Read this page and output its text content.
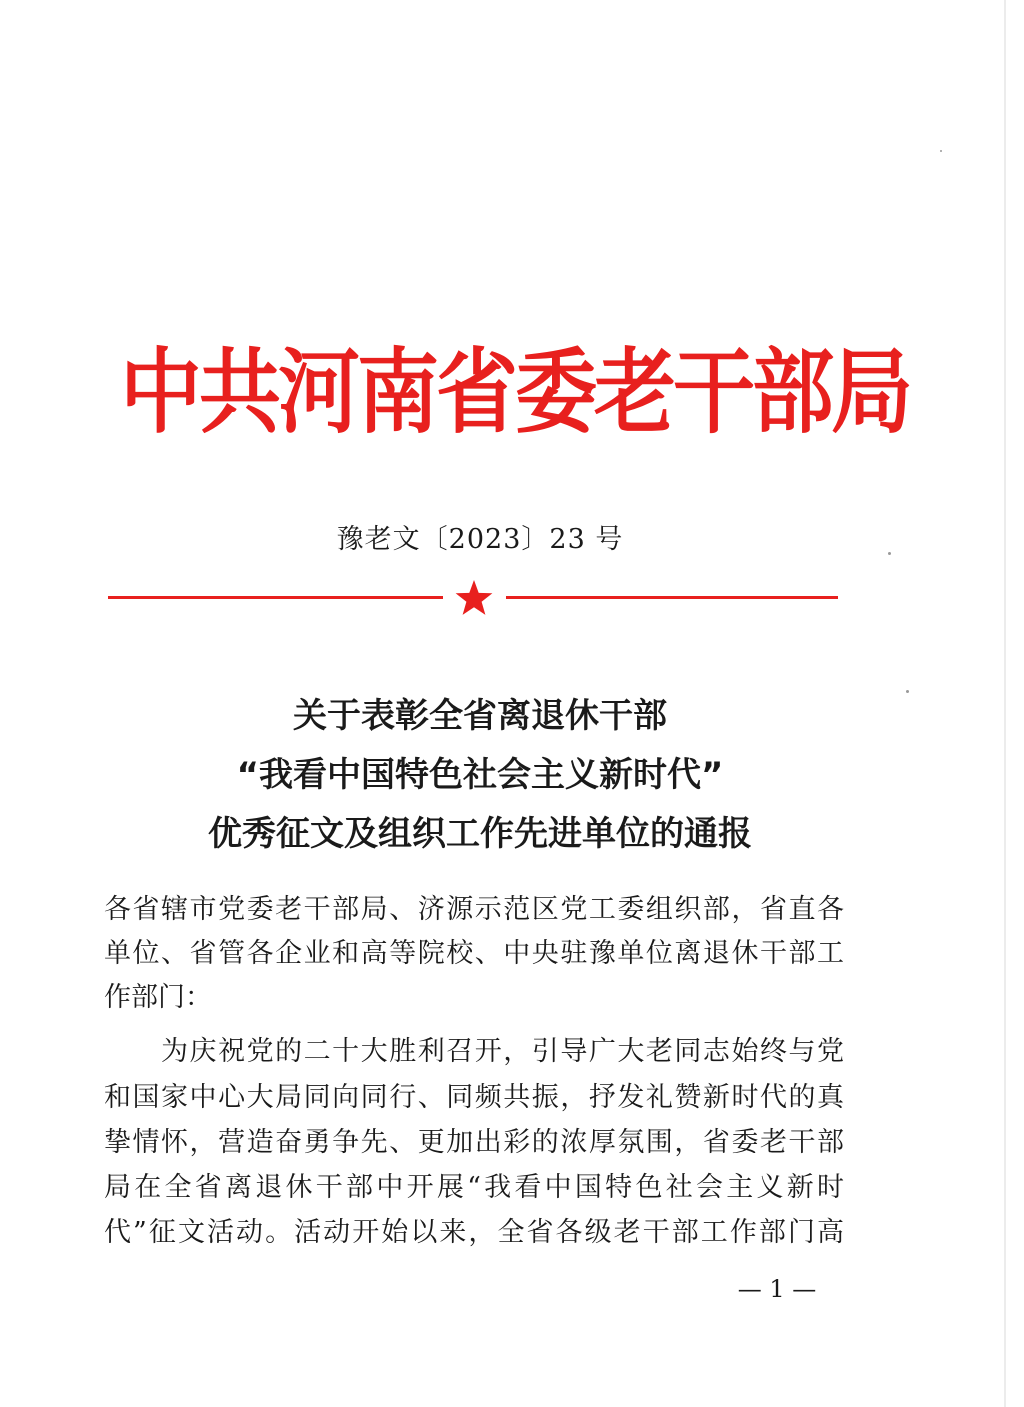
中共河南省委老干部局
豫老文〔2023〕23 号
关于表彰全省离退休干部
“我看中国特色社会主义新时代”
优秀征文及组织工作先进单位的通报
各省辖市党委老干部局、济源示范区党工委组织部，省直各
单位、省管各企业和高等院校、中央驻豫单位离退休干部工
作部门：
　　为庆祝党的二十大胜利召开，引导广大老同志始终与党
和国家中心大局同向同行、同频共振，抒发礼赞新时代的真
挚情怀，营造奋勇争先、更加出彩的浓厚氛围，省委老干部
局在全省离退休干部中开展“我看中国特色社会主义新时
代”征文活动。活动开始以来，全省各级老干部工作部门高
— 1 —
